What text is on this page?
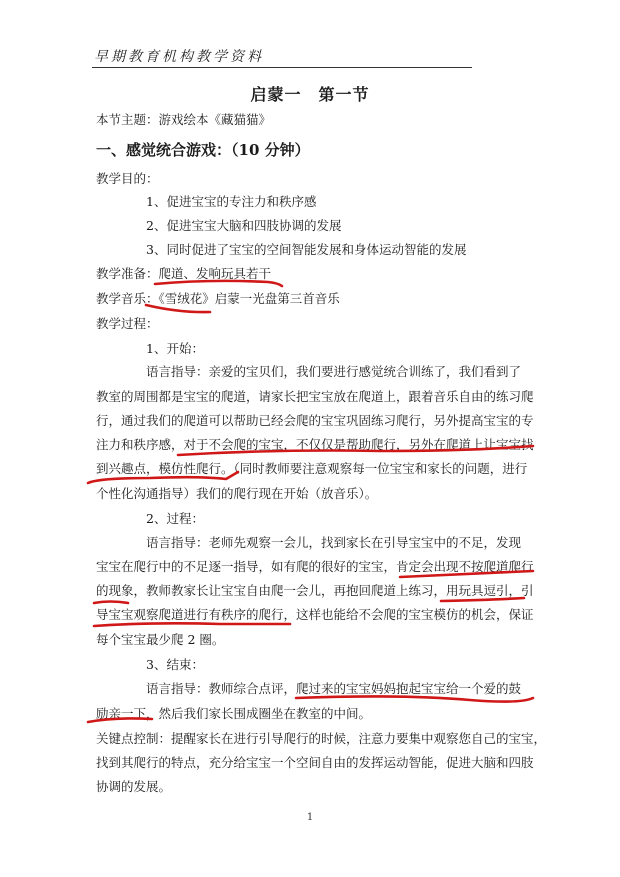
早期教育机构教学资料
启蒙一　第一节
本节主题：游戏绘本《藏猫猫》
一、感觉统合游戏：（10 分钟）
教学目的：
1、促进宝宝的专注力和秩序感
2、促进宝宝大脑和四肢协调的发展
3、同时促进了宝宝的空间智能发展和身体运动智能的发展
教学准备：爬道、发响玩具若干
教学音乐：《雪绒花》启蒙一光盘第三首音乐
教学过程：
1、开始：
语言指导：亲爱的宝贝们，我们要进行感觉统合训练了，我们看到了
教室的周围都是宝宝的爬道，请家长把宝宝放在爬道上，跟着音乐自由的练习爬
行，通过我们的爬道可以帮助已经会爬的宝宝巩固练习爬行，另外提高宝宝的专
注力和秩序感，对于不会爬的宝宝，不仅仅是帮助爬行，另外在爬道上让宝宝找
到兴趣点，模仿性爬行。（同时教师要注意观察每一位宝宝和家长的问题，进行
个性化沟通指导）我们的爬行现在开始（放音乐）。
2、过程：
语言指导：老师先观察一会儿，找到家长在引导宝宝中的不足，发现
宝宝在爬行中的不足逐一指导，如有爬的很好的宝宝，肯定会出现不按爬道爬行
的现象，教师教家长让宝宝自由爬一会儿，再抱回爬道上练习，用玩具逗引，引
导宝宝观察爬道进行有秩序的爬行，这样也能给不会爬的宝宝模仿的机会，保证
每个宝宝最少爬 2 圈。
3、结束：
语言指导：教师综合点评，爬过来的宝宝妈妈抱起宝宝给一个爱的鼓
励亲一下，然后我们家长围成圈坐在教室的中间。
关键点控制：提醒家长在进行引导爬行的时候，注意力要集中观察您自己的宝宝，
找到其爬行的特点，充分给宝宝一个空间自由的发挥运动智能，促进大脑和四肢
协调的发展。
1
